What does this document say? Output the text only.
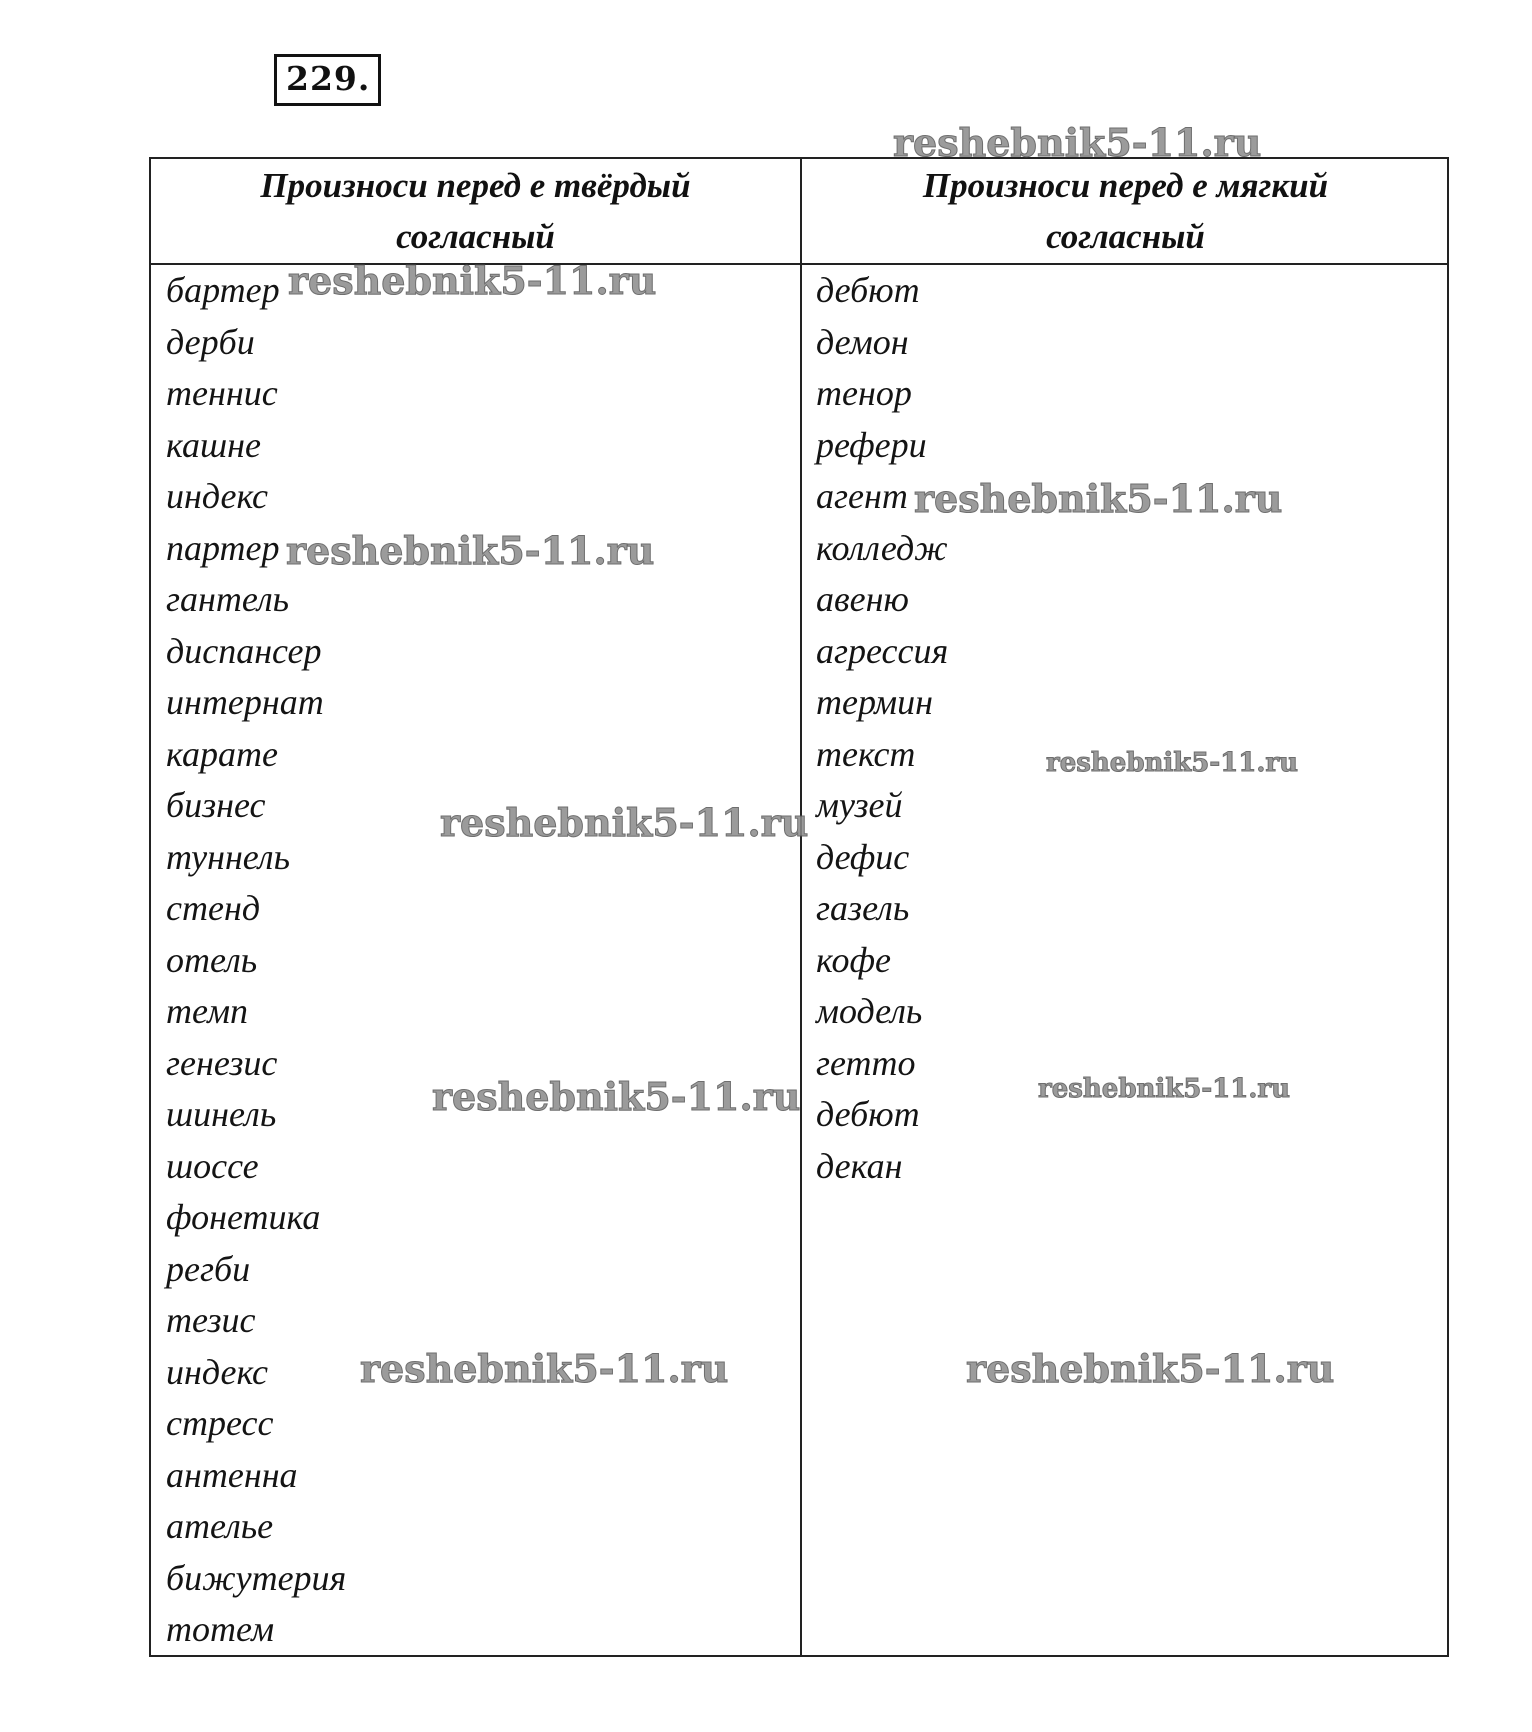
229.
Произноси перед е твёрдый согласный
Произноси перед е мягкий согласный
бартер
дерби
теннис
кашне
индекс
партер
гантель
диспансер
интернат
карате
бизнес
туннель
стенд
отель
темп
генезис
шинель
шоссе
фонетика
регби
тезис
индекс
стресс
антенна
ателье
бижутерия
тотем
дебют
демон
тенор
рефери
агент
колледж
авеню
агрессия
термин
текст
музей
дефис
газель
кофе
модель
гетто
дебют
декан
reshebnik5-11.ru
reshebnik5-11.ru
reshebnik5-11.ru
reshebnik5-11.ru
reshebnik5-11.ru
reshebnik5-11.ru
reshebnik5-11.ru	reshebnik5-11.ru
reshebnik5-11.ru	reshebnik5-11.ru
